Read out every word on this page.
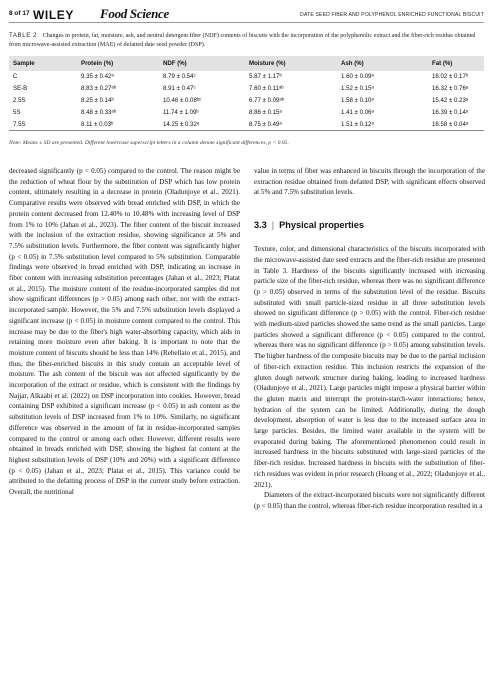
8 of 17 WILEY Food Science	DATE SEED FIBER AND POLYPHENOL ENRICHED FUNCTIONAL BISCUIT
TABLE 2 Changes in protein, fat, moisture, ash, and neutral detergent fiber (NDF) contents of biscuits with the incorporation of the polyphenolic extract and the fiber-rich residue obtained from microwave-assisted extraction (MAE) of defatted date seed powder (DSP).
Sample	Protein (%)	NDF (%)	Moisture (%)	Ash (%)	Fat (%)
C	9.35 ± 0.42ᵃ	8.79 ± 0.54ᶜ	5.87 ± 1.17ᵇ	1.60 ± 0.09ᵃ	16.02 ± 0.17ᵇ
SE-B	8.83 ± 0.27ᵃᵇ	8.91 ± 0.47ᶜ	7.60 ± 0.11ᵃᵇ	1.52 ± 0.15ᵃ	16.32 ± 0.76ᵃ
2.5S	8.25 ± 0.14ᵇ	10.46 ± 0.08ᵇᶜ	6.77 ± 0.09ᵃᵇ	1.58 ± 0.10ᵃ	15.42 ± 0.23ᵃ
5S	8.48 ± 0.33ᵃᵇ	11.74 ± 1.09ᵇ	8.86 ± 0.15ᵃ	1.41 ± 0.06ᵃ	16.39 ± 0.14ᵃ
7.5S	8.11 ± 0.03ᵇ	14.25 ± 0.32ᵃ	8.75 ± 0.49ᵃ	1.51 ± 0.12ᵃ	16.58 ± 0.04ᵃ
Note: Means ± SD are presented. Different lowercase superscript letters in a column denote significant differences, p < 0.05.

decreased significantly (p < 0.05) compared to the control. The reason might be the reduction of wheat flour by the substitution of DSP which has low protein content, ultimately resulting in a decrease in protein (Oladunjoye et al., 2021). Comparative results were observed with bread enriched with DSP, in which the protein content decreased from 12.40% to 10.48% with increasing level of DSP from 1% to 10% (Jahan et al., 2023). The fiber content of the biscuit increased with the inclusion of the extraction residue, showing significance at 5% and 7.5% substitution levels. Furthermore, the fiber content was significantly higher (p < 0.05) in 7.5% substitution level compared to 5% substitution. Comparable findings were observed in bread enriched with DSP, indicating an increase in fiber content with increasing substitution percentages (Jahan et al., 2023; Platat et al., 2015). The moisture content of the residue-incorporated samples did not show significant differences (p > 0.05) among each other, nor with the extract-incorporated sample. However, the 5% and 7.5% substitution levels displayed a significant increase (p < 0.05) in moisture content compared to the control. This increase may be due to the fiber's high water-absorbing capacity, which aids in retaining more moisture even after baking. It is important to note that the moisture content of biscuits should be less than 14% (Rebellato et al., 2015), and thus, the fiber-enriched biscuits in this study contain an acceptable level of moisture. The ash content of the biscuit was not affected significantly by the incorporation of the extract or residue, which is consistent with the findings by Najjar, Alkaabi et al. (2022) on DSP incorporation into cookies. However, bread containing DSP exhibited a significant increase (p < 0.05) in ash content as the substitution levels of DSP increased from 1% to 10%. Similarly, no significant difference was observed in the amount of fat in residue-incorporated samples compared to the control or among each other. However, different results were obtained in breads enriched with DSP, showing the highest fat content at the highest substitution levels of DSP (10% and 20%) with a significant difference (p < 0.05) (Jahan et al., 2023; Platat et al., 2015). This variance could be attributed to the defatting process of DSP in the current study before extraction. Overall, the nutritional

value in terms of fiber was enhanced in biscuits through the incorporation of the extraction residue obtained from defatted DSP, with significant effects observed at 5% and 7.5% substitution levels.

3.3 | Physical properties

Texture, color, and dimensional characteristics of the biscuits incorporated with the microwave-assisted date seed extracts and the fiber-rich residue are presented in Table 3. Hardness of the biscuits significantly increased with increasing particle size of the fiber-rich residue, whereas there was no significant difference (p > 0.05) observed in terms of the substitution level of the residue. Biscuits substituted with small particle-sized residue in all three substitution levels showed no significant difference (p > 0.05) with the control. Fiber-rich residue with medium-sized particles showed the same trend as the small particles. Large particles showed a significant difference (p < 0.05) compared to the control, whereas there was no significant difference (p > 0.05) among substitution levels. The higher hardness of the composite biscuits may be due to the partial inclusion of fiber-rich extraction residue. This inclusion restricts the expansion of the gluten dough network structure during baking, leading to increased hardness (Oladunjoye et al., 2021). Large particles might impose a physical barrier within the gluten matrix and interrupt the protein-starch-water interactions; hence, hydration of the system can be limited. Additionally, during the dough development, absorption of water is less due to the increased surface area in large particles. Besides, the limited water available in the system will be evaporated during baking. The aforementioned phenomenon could result in increased hardness in the biscuits substituted with large-sized particles of the fiber-rich residue. Increased hardness in biscuits with the substitution of fiber-rich residues was evident in prior research (Hoang et al., 2022; Oladunjoye et al., 2021).

Diameters of the extract-incorporated biscuits were not significantly different (p < 0.05) than the control, whereas fiber-rich residue incorporation resulted in a
